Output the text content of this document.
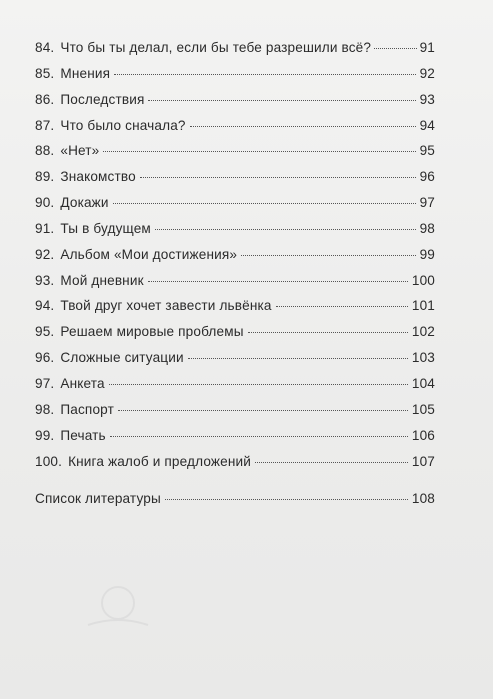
84. Что бы ты делал, если бы тебе разрешили всё?	91
85. Мнения	92
86. Последствия	93
87. Что было сначала?	94
88. «Нет»	95
89. Знакомство	96
90. Докажи	97
91. Ты в будущем	98
92. Альбом «Мои достижения»	99
93. Мой дневник	100
94. Твой друг хочет завести львёнка	101
95. Решаем мировые проблемы	102
96. Сложные ситуации	103
97. Анкета	104
98. Паспорт	105
99. Печать	106
100. Книга жалоб и предложений	107
Список литературы	108
